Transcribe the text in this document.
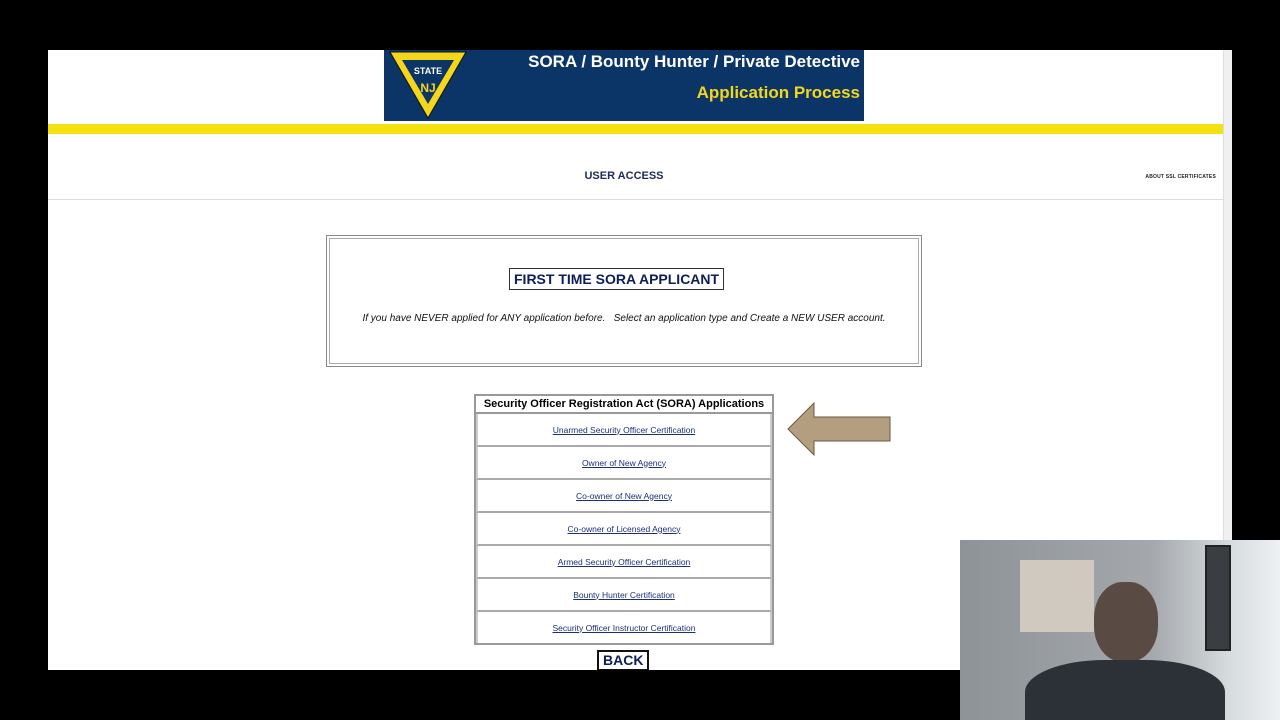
STATE
NJ
SORA / Bounty Hunter / Private Detective
Application Process
USER ACCESS	ABOUT SSL CERTIFICATES
FIRST TIME SORA APPLICANT
If you have NEVER applied for ANY application before.   Select an application type and Create a NEW USER account.
Security Officer Registration Act (SORA) Applications
Unarmed Security Officer Certification
Owner of New Agency
Co-owner of New Agency
Co-owner of Licensed Agency
Armed Security Officer Certification
Bounty Hunter Certification
Security Officer Instructor Certification
BACK
